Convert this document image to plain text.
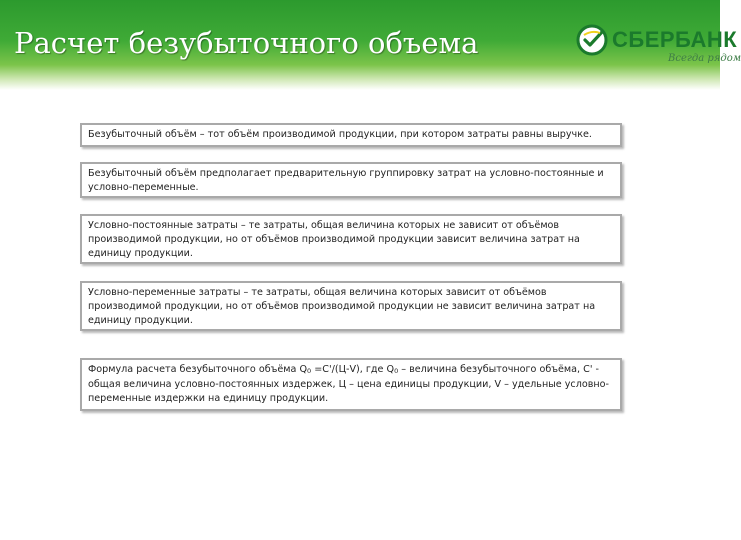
Расчет безубыточного объема	СБЕРБАНК
Всегда рядом
Безубыточный объём – тот объём производимой продукции, при котором затраты равны выручке.
Безубыточный объём предполагает предварительную группировку затрат на условно-постоянные и условно-переменные.
Условно-постоянные затраты – те затраты, общая величина которых не зависит от объёмов производимой продукции, но от объёмов производимой продукции зависит величина затрат на единицу продукции.
Условно-переменные затраты – те затраты, общая величина которых зависит от объёмов производимой продукции, но от объёмов производимой продукции не зависит величина затрат на единицу продукции.
Формула расчета безубыточного объёма $Q_0 =C'/(Ц-V)$, где $Q_0$ – величина безубыточного объёма, С' - общая величина условно-постоянных издержек, Ц – цена единицы продукции, V – удельные условно-переменные издержки на единицу продукции.
